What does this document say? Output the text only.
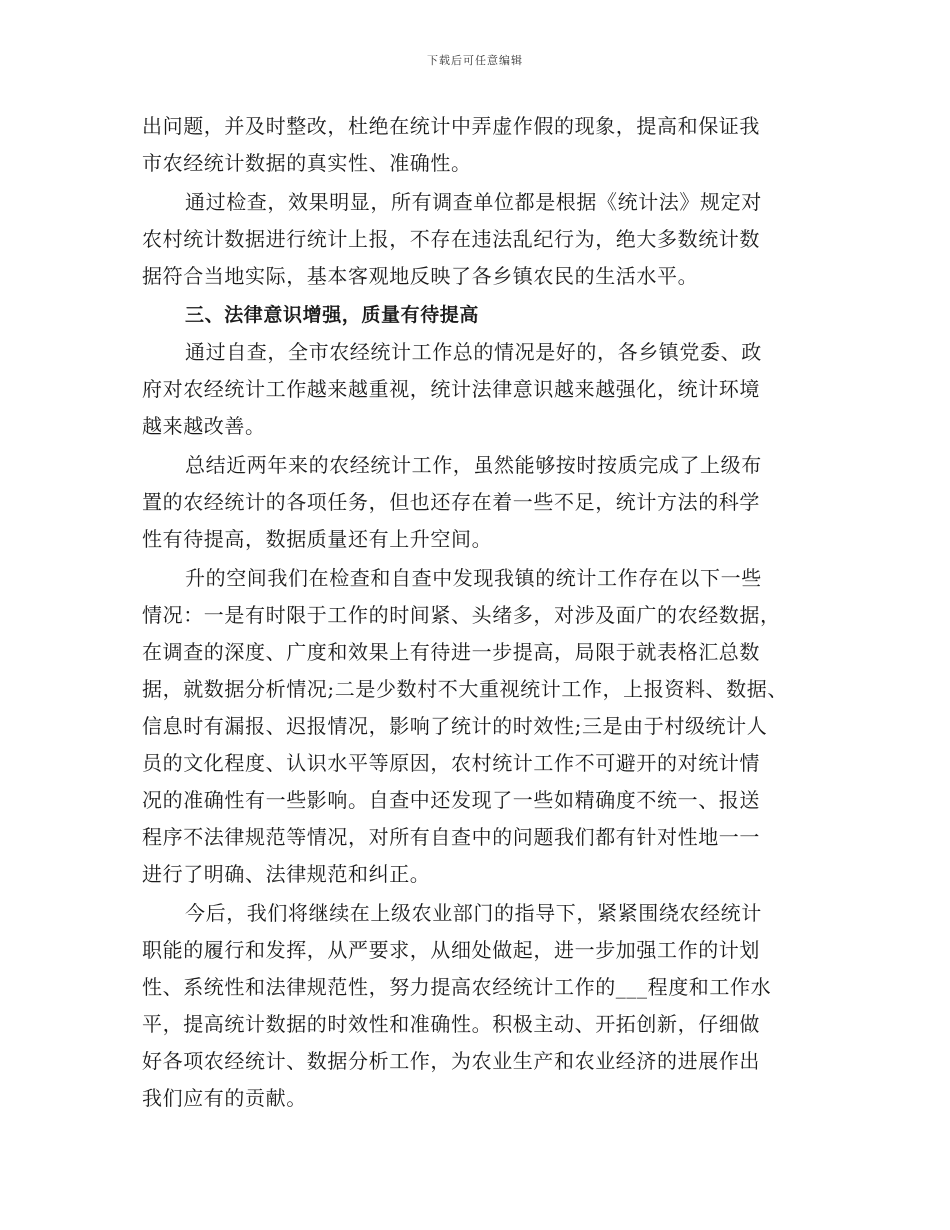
下载后可任意编辑
出问题，并及时整改，杜绝在统计中弄虚作假的现象，提高和保证我
市农经统计数据的真实性、准确性。
通过检查，效果明显，所有调查单位都是根据《统计法》规定对
农村统计数据进行统计上报，不存在违法乱纪行为，绝大多数统计数
据符合当地实际，基本客观地反映了各乡镇农民的生活水平。
三、法律意识增强，质量有待提高
通过自查，全市农经统计工作总的情况是好的，各乡镇党委、政
府对农经统计工作越来越重视，统计法律意识越来越强化，统计环境
越来越改善。
总结近两年来的农经统计工作，虽然能够按时按质完成了上级布
置的农经统计的各项任务，但也还存在着一些不足，统计方法的科学
性有待提高，数据质量还有上升空间。
升的空间我们在检查和自查中发现我镇的统计工作存在以下一些
情况：一是有时限于工作的时间紧、头绪多，对涉及面广的农经数据，
在调查的深度、广度和效果上有待进一步提高，局限于就表格汇总数
据，就数据分析情况;二是少数村不大重视统计工作，上报资料、数据、
信息时有漏报、迟报情况，影响了统计的时效性;三是由于村级统计人
员的文化程度、认识水平等原因，农村统计工作不可避开的对统计情
况的准确性有一些影响。自查中还发现了一些如精确度不统一、报送
程序不法律规范等情况，对所有自查中的问题我们都有针对性地一一
进行了明确、法律规范和纠正。
今后，我们将继续在上级农业部门的指导下，紧紧围绕农经统计
职能的履行和发挥，从严要求，从细处做起，进一步加强工作的计划
性、系统性和法律规范性，努力提高农经统计工作的___程度和工作水
平，提高统计数据的时效性和准确性。积极主动、开拓创新，仔细做
好各项农经统计、数据分析工作，为农业生产和农业经济的进展作出
我们应有的贡献。
